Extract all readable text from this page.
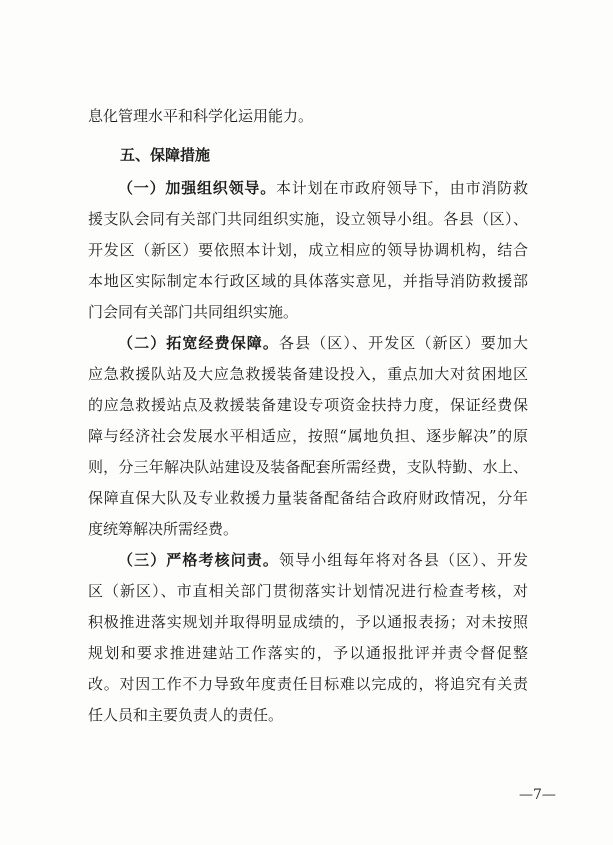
息化管理水平和科学化运用能力。

五、保障措施

（一）加强组织领导。本计划在市政府领导下，由市消防救

援支队会同有关部门共同组织实施，设立领导小组。各县（区）、

开发区（新区）要依照本计划，成立相应的领导协调机构，结合

本地区实际制定本行政区域的具体落实意见，并指导消防救援部

门会同有关部门共同组织实施。

（二）拓宽经费保障。各县（区）、开发区（新区）要加大

应急救援队站及大应急救援装备建设投入，重点加大对贫困地区

的应急救援站点及救援装备建设专项资金扶持力度，保证经费保

障与经济社会发展水平相适应，按照“属地负担、逐步解决”的原

则，分三年解决队站建设及装备配套所需经费，支队特勤、水上、

保障直保大队及专业救援力量装备配备结合政府财政情况，分年

度统筹解决所需经费。

（三）严格考核问责。领导小组每年将对各县（区）、开发

区（新区）、市直相关部门贯彻落实计划情况进行检查考核，对

积极推进落实规划并取得明显成绩的，予以通报表扬；对未按照

规划和要求推进建站工作落实的，予以通报批评并责令督促整

改。对因工作不力导致年度责任目标难以完成的，将追究有关责

任人员和主要负责人的责任。

—7—
